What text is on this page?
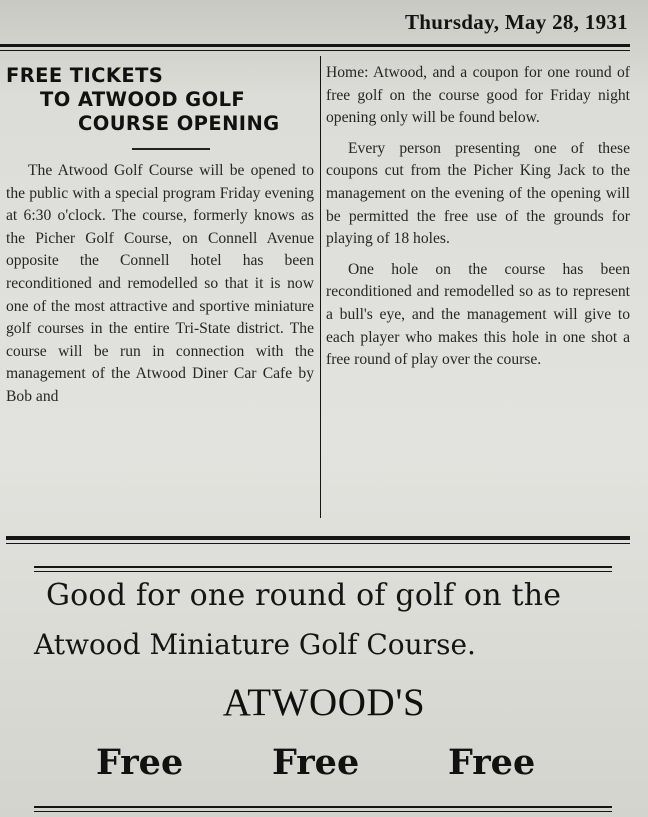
Thursday, May 28, 1931
FREE TICKETS
TO ATWOOD GOLF
COURSE OPENING

The Atwood Golf Course will be opened to the public with a special program Friday evening at 6:30 o'clock. The course, formerly knows as the Picher Golf Course, on Connell Avenue opposite the Connell hotel has been reconditioned and remodelled so that it is now one of the most attractive and sportive miniature golf courses in the entire Tri-State district. The course will be run in connection with the management of the Atwood Diner Car Cafe by Bob and

Home: Atwood, and a coupon for one round of free golf on the course good for Friday night opening only will be found below.

Every person presenting one of these coupons cut from the Picher King Jack to the management on the evening of the opening will be permitted the free use of the grounds for playing of 18 holes.

One hole on the course has been reconditioned and remodelled so as to represent a bull's eye, and the management will give to each player who makes this hole in one shot a free round of play over the course.

Good for one round of golf on the
Atwood Miniature Golf Course.
ATWOOD'S
Free	Free	Free
